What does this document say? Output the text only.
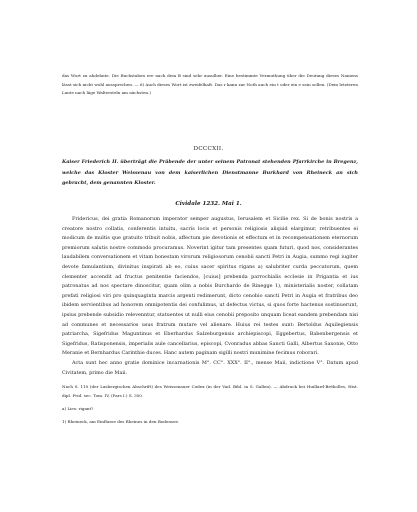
das Wort zu ahdehnte. Die Buchstaben ere nach dem B sind sehr ausulher. Eine bestimmte Vermuthung über die Deutung dieses Namens lässt sich nicht wohl aussprechen. — 6) Auch dieses Wort ist zweifelhaft. Das r kann zur Noth auch ein t oder ein e sein sollen. (Dem letzteren Laute nach läge Waltersteln am nächsten.)

DCCCXII.

Kaiser Friederich II. überträgt die Präbende der unter seinem Patronat stehenden Pfarrkirche in Bregenz, welche das Kloster Weissenau von dem kaiserlichen Dienstmanne Burkhard von Rheineck an sich gebracht, dem genannten Kloster.

Cividale 1232. Mai 1.

Fridericus, dei gratia Romanorum imperator semper augustus, Ierusalem et Sicilie rex. Si de bonis nostris a creatore nostro collatis, conferentis intuitu, sacris locis et personis religiosis aliquid elargimur, retribuentes ei modicum de multis que gratuito tribuit nobis, affectum pie devotionis et effectum et in recompensationem eternorum premiorum salutis nostre commodo procuramus. Noverint igitur tam presentes quam futuri, quod nos, considerantes laudabilem conversationem et vitam honestam virorum religiosorum cenobii sancti Petri in Augia, summo regi iugiter devote famulantium, divinitus inspirati ab eo, cuius sacer spiritus rigans a) salubriter curda peccatorum, quem clementer accendit ad fructus penitentie faciendos, [cuius] prebenda parrochialis ecclesie in Prigantia et ius patronatus ad nos spectare dinoscitur, quam olim a nobis Burchardo de Rinegge 1), ministerialis noster, collatam prefati religiosi viri pro quinquaginta marcis argenti redimerunt, dicto cenobio sancti Petri in Augia et fratribus deo ibidem servientibus ad honorem omnipotentis dei confulimus, ut defectus victus, si quos forte hactenus sostinuerunt, ipsius prebende subsidio relevenntur, statuentes ut nulli eius cenobii preposito unquam liceat eandem prebendam nisi ad communes et necessarios usus fratrum mutare vel alienare. Huius rei testes sunt: Bertoldus Aquilegiensis patriarcha, Sigefridus Maguntinus et Eberhardus Salzeburgensis archiepiscopi, Eggebertus, Babenbergensis et Sigefridus, Ratisponensis, imperialis aule cancellarius, episcopi, Cvonradus abbas Sancti Galli, Albertus Saxonie, Otto Meranie et Bernhardus Carinthie duces. Hanc autem paginam sigilli nostri muniminе fecimus roborari.
Acta sunt hec anno gratie dominice incarnationis M°. CC°. XXX°. II°., mense Maii, indictione V°. Datum apud Civitatem, primo die Maii.

Nach S. 110 (der Lasbergischen Abschrift) des Weissenauer Codex (in der Vad. Bibl. in S. Gallen). — Abdruck bei Huillard-Bréholles, Hist. dipl. Frid. sec. Tom. IV, (Pars I.) S. 350.

a) Lies: rigant?

1) Rheineck, am Einflusse des Rheines in den Bodensee.
